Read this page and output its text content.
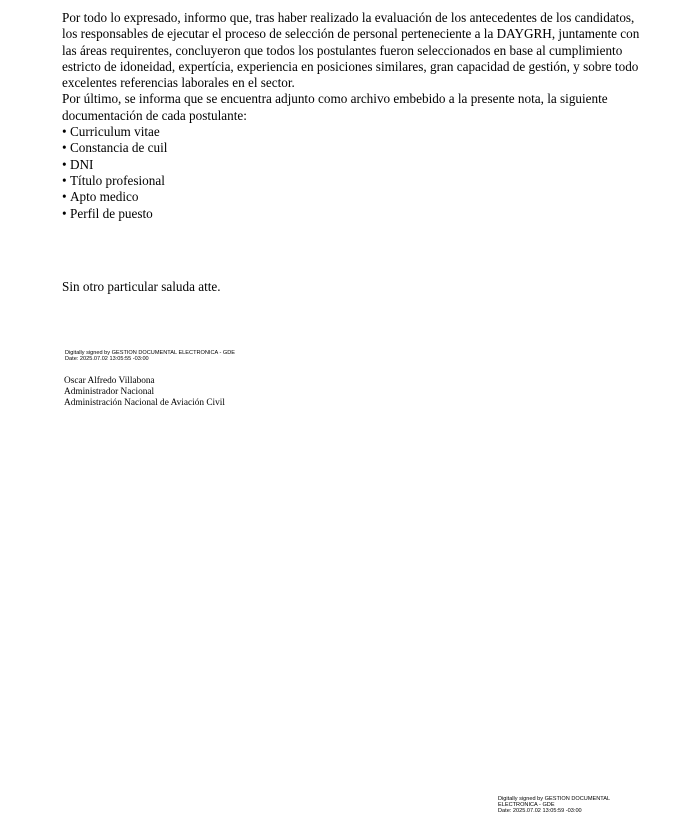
Por todo lo expresado, informo que, tras haber realizado la evaluación de los antecedentes de los candidatos, los responsables de ejecutar el proceso de selección de personal perteneciente a la DAYGRH, juntamente con las áreas requirentes, concluyeron que todos los postulantes fueron seleccionados en base al cumplimiento estricto de idoneidad, expertícia, experiencia en posiciones similares, gran capacidad de gestión, y sobre todo excelentes referencias laborales en el sector.

Por último, se informa que se encuentra adjunto como archivo embebido a la presente nota, la siguiente documentación de cada postulante:

• Curriculum vitae
• Constancia de cuil
• DNI
• Título profesional
• Apto medico
• Perfil de puesto

Sin otro particular saluda atte.

Digitally signed by GESTION DOCUMENTAL ELECTRONICA - GDE
Date: 2025.07.02 13:05:55 -03:00
Oscar Alfredo Villabona
Administrador Nacional
Administración Nacional de Aviación Civil
Digitally signed by GESTION DOCUMENTAL
ELECTRONICA - GDE
Date: 2025.07.02 13:05:59 -03:00
